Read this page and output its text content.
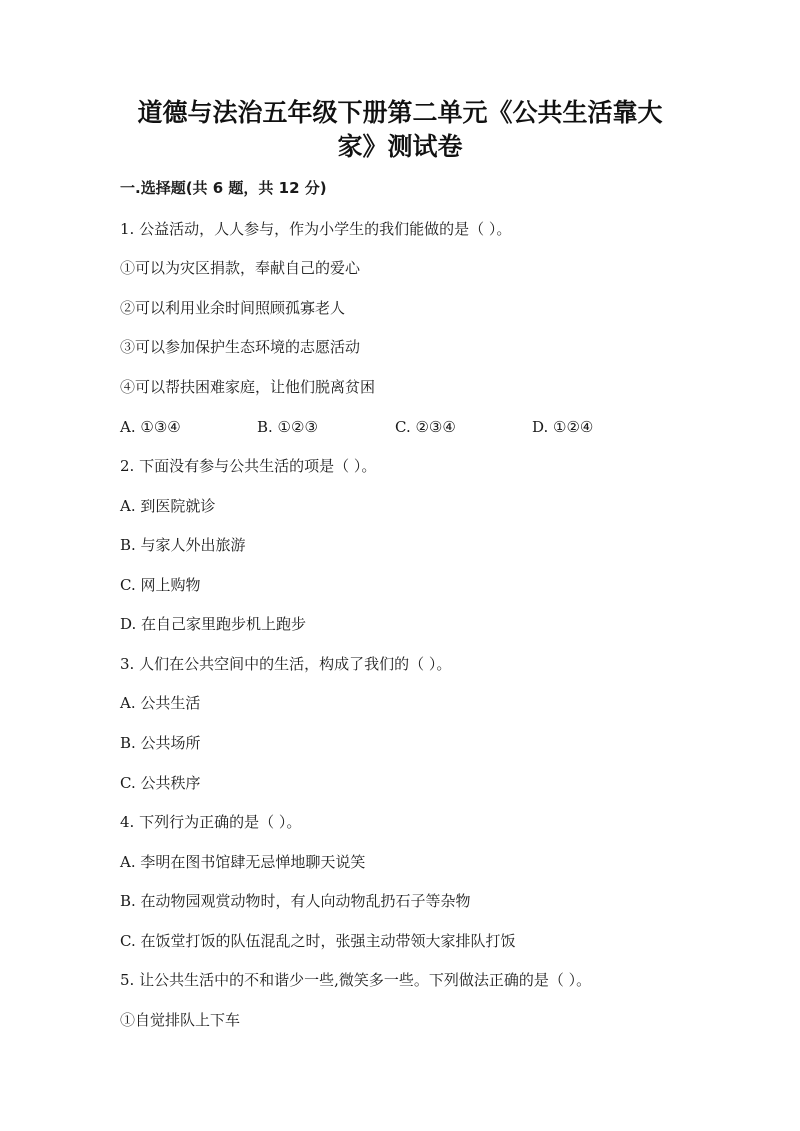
道德与法治五年级下册第二单元《公共生活靠大
家》测试卷
一.选择题(共 6 题，共 12 分)
1. 公益活动，人人参与，作为小学生的我们能做的是（ ）。
①可以为灾区捐款，奉献自己的爱心
②可以利用业余时间照顾孤寡老人
③可以参加保护生态环境的志愿活动
④可以帮扶困难家庭，让他们脱离贫困
A. ①③④	B. ①②③	C. ②③④	D. ①②④
2. 下面没有参与公共生活的项是（ ）。
A. 到医院就诊
B. 与家人外出旅游
C. 网上购物
D. 在自己家里跑步机上跑步
3. 人们在公共空间中的生活，构成了我们的（ ）。
A. 公共生活
B. 公共场所
C. 公共秩序
4. 下列行为正确的是（ ）。
A. 李明在图书馆肆无忌惮地聊天说笑
B. 在动物园观赏动物时，有人向动物乱扔石子等杂物
C. 在饭堂打饭的队伍混乱之时，张强主动带领大家排队打饭
5. 让公共生活中的不和谐少一些,微笑多一些。下列做法正确的是（ ）。
①自觉排队上下车
